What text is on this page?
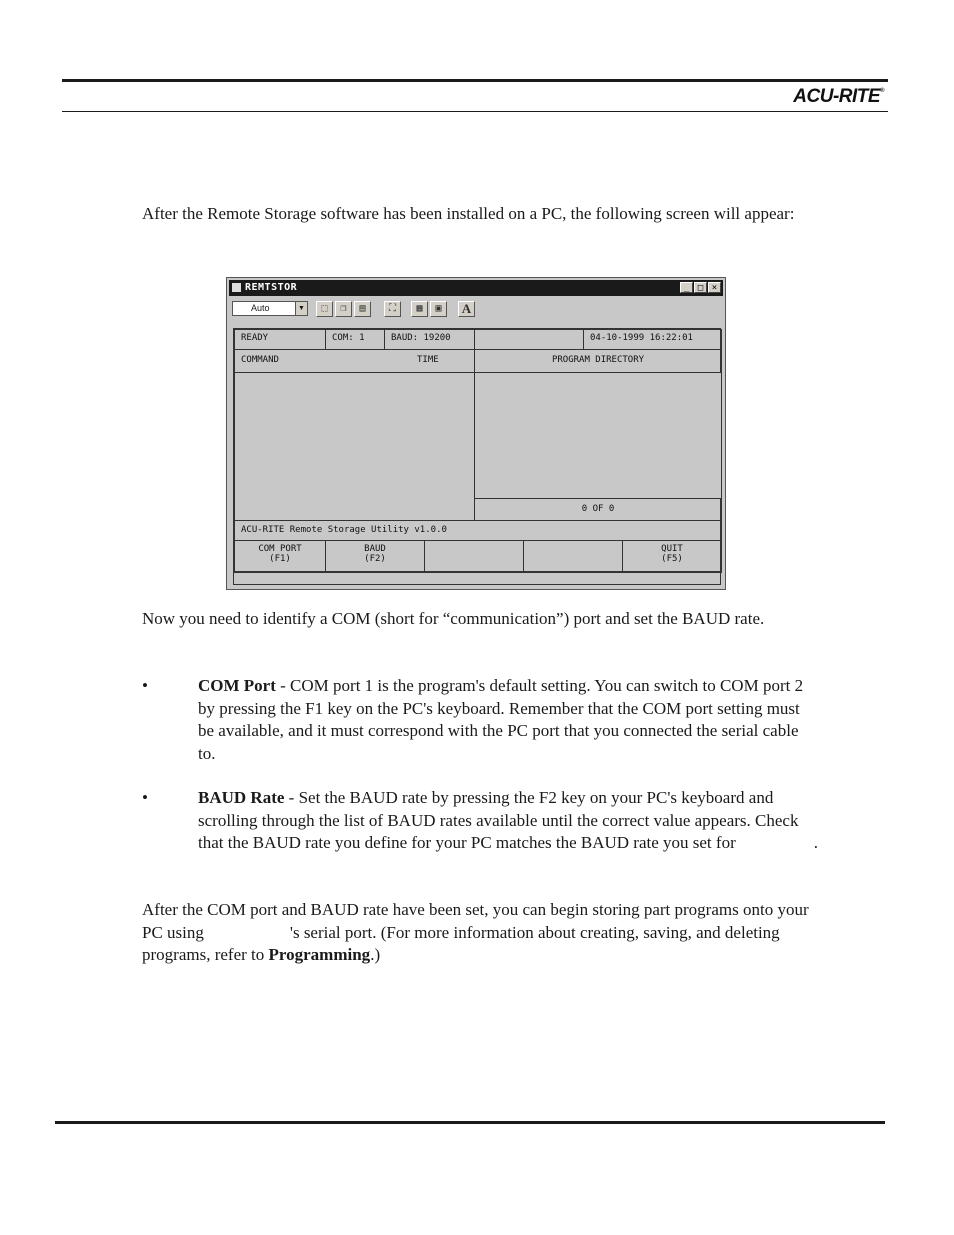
ACU-RITE®

After the Remote Storage software has been installed on a PC, the following screen will appear:

REMTSTOR	_ □ ×
Auto	▼	⬚	❐	▤	⛶	▦	▣	A
READY	COM: 1	BAUD: 19200	04-10-1999 16:22:01
COMMAND	TIME	PROGRAM DIRECTORY
0 OF 0
ACU-RITE Remote Storage Utility v1.0.0
COM PORT
(F1)
BAUD
(F2)
QUIT
(F5)

Now you need to identify a COM (short for “communication”) port and set the BAUD rate.

•	COM Port - COM port 1 is the program's default setting. You can switch to COM port 2 by pressing the F1 key on the PC's keyboard. Remember that the COM port setting must be available, and it must correspond with the PC port that you connected the serial cable to.

•	BAUD Rate - Set the BAUD rate by pressing the F2 key on your PC's keyboard and scrolling through the list of BAUD rates available until the correct value appears. Check that the BAUD rate you define for your PC matches the BAUD rate you set for	.

After the COM port and BAUD rate have been set, you can begin storing part programs onto your PC using	's serial port. (For more information about creating, saving, and deleting programs, refer to Programming.)
